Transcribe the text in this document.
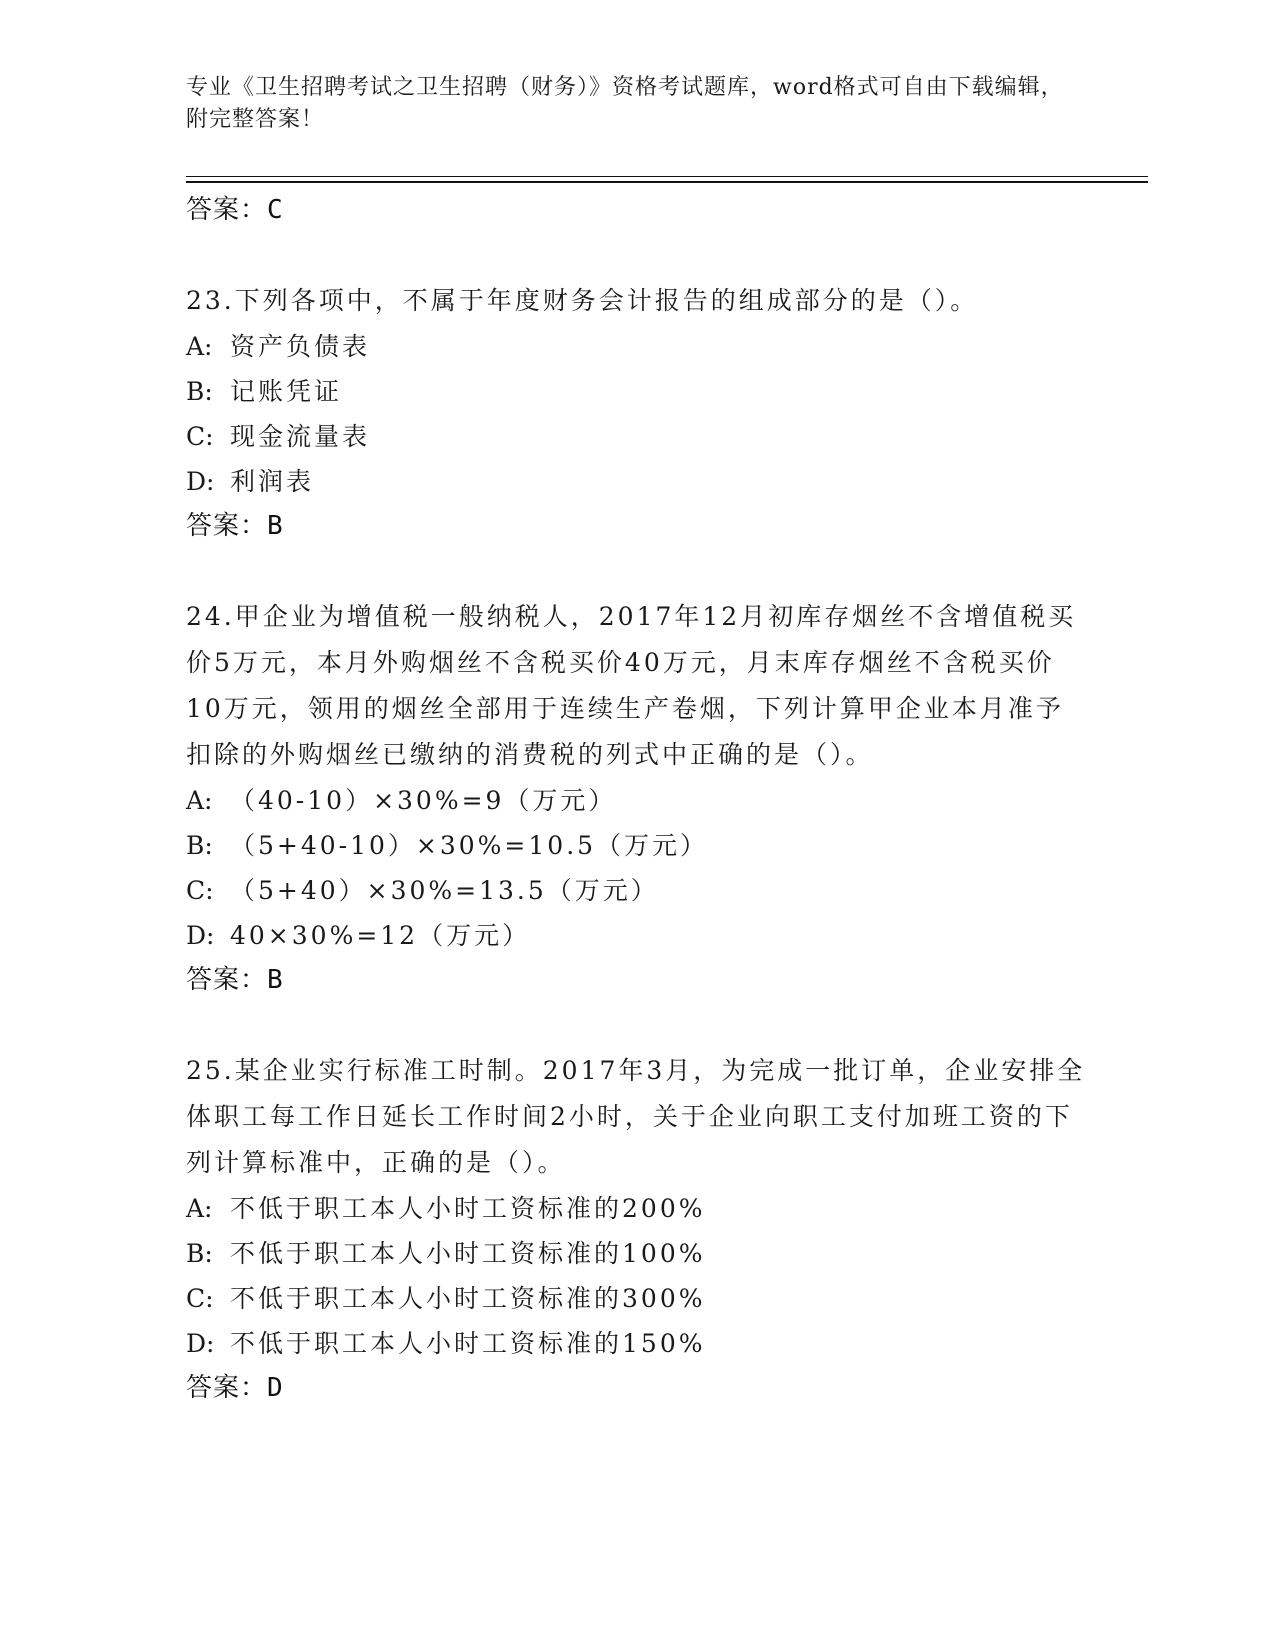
专业《卫生招聘考试之卫生招聘（财务）》资格考试题库，word格式可自由下载编辑，附完整答案！
答案：C

23.下列各项中，不属于年度财务会计报告的组成部分的是（）。

A: 资产负债表

B: 记账凭证

C: 现金流量表

D: 利润表

答案：B

24.甲企业为增值税一般纳税人，2017年12月初库存烟丝不含增值税买价5万元，本月外购烟丝不含税买价40万元，月末库存烟丝不含税买价10万元，领用的烟丝全部用于连续生产卷烟，下列计算甲企业本月准予扣除的外购烟丝已缴纳的消费税的列式中正确的是（）。

A: （40-10）×30%=9（万元）

B: （5+40-10）×30%=10.5（万元）

C: （5+40）×30%=13.5（万元）

D: 40×30%=12（万元）

答案：B

25.某企业实行标准工时制。2017年3月，为完成一批订单，企业安排全体职工每工作日延长工作时间2小时，关于企业向职工支付加班工资的下列计算标准中，正确的是（）。

A: 不低于职工本人小时工资标准的200%

B: 不低于职工本人小时工资标准的100%

C: 不低于职工本人小时工资标准的300%

D: 不低于职工本人小时工资标准的150%

答案：D
